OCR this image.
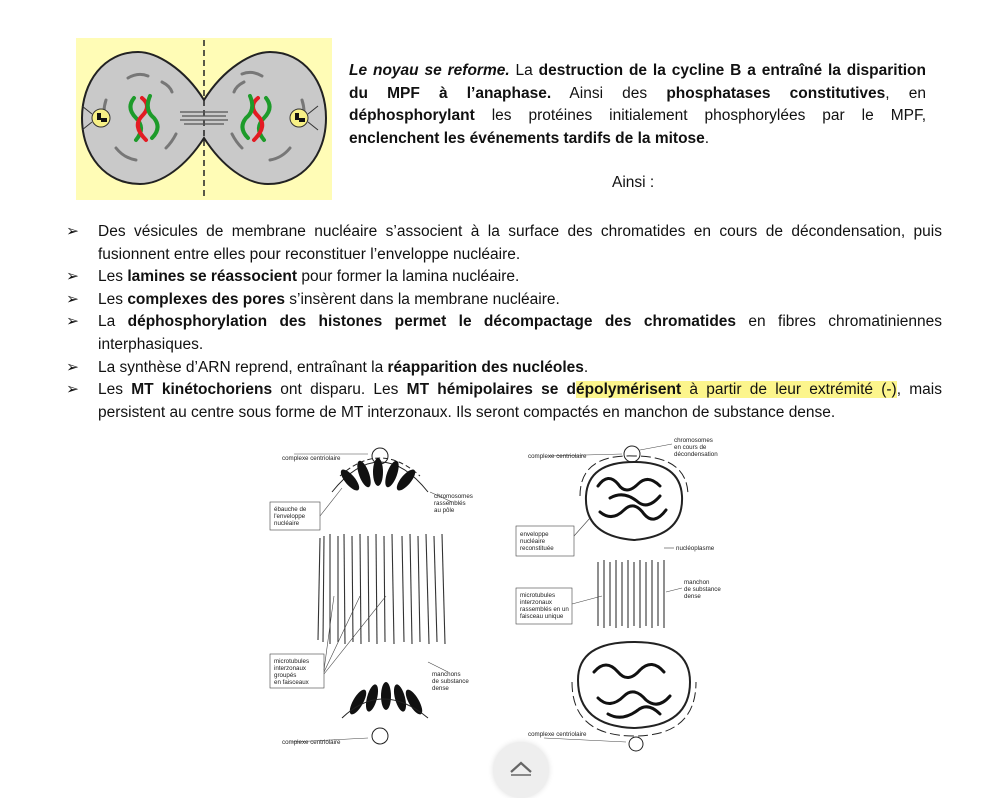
Le noyau se reforme. La destruction de la cycline B a entraîné la disparition du MPF à l’anaphase. Ainsi des phosphatases constitutives, en déphosphorylant les protéines initialement phosphorylées par le MPF, enclenchent les événements tardifs de la mitose.
Ainsi :
➢ Des vésicules de membrane nucléaire s’associent à la surface des chromatides en cours de décondensation, puis fusionnent entre elles pour reconstituer l’enveloppe nucléaire.
➢ Les lamines se réassocient pour former la lamina nucléaire.
➢ Les complexes des pores s’insèrent dans la membrane nucléaire.
➢ La déphosphorylation des histones permet le décompactage des chromatides en fibres chromatiniennes interphasiques.
➢ La synthèse d’ARN reprend, entraînant la réapparition des nucléoles.
➢ Les MT kinétochoriens ont disparu. Les MT hémipolaires se dépolymérisent à partir de leur extrémité (-), mais persistent au centre sous forme de MT interzonaux. Ils seront compactés en manchon de substance dense.
complexe centriolaire
ébauche de
l'enveloppe
nucléaire
chromosomes
rassemblés
au pôle
microtubules
interzonaux
groupés
en faisceaux
manchons
de substance
dense
complexe centriolaire
complexe centriolaire
chromosomes
en cours de
décondensation
enveloppe
nucléaire
reconstituée	nucléoplasme
microtubules
interzonaux
rassemblés en un
faisceau unique
manchon
de substance
dense
complexe centriolaire
